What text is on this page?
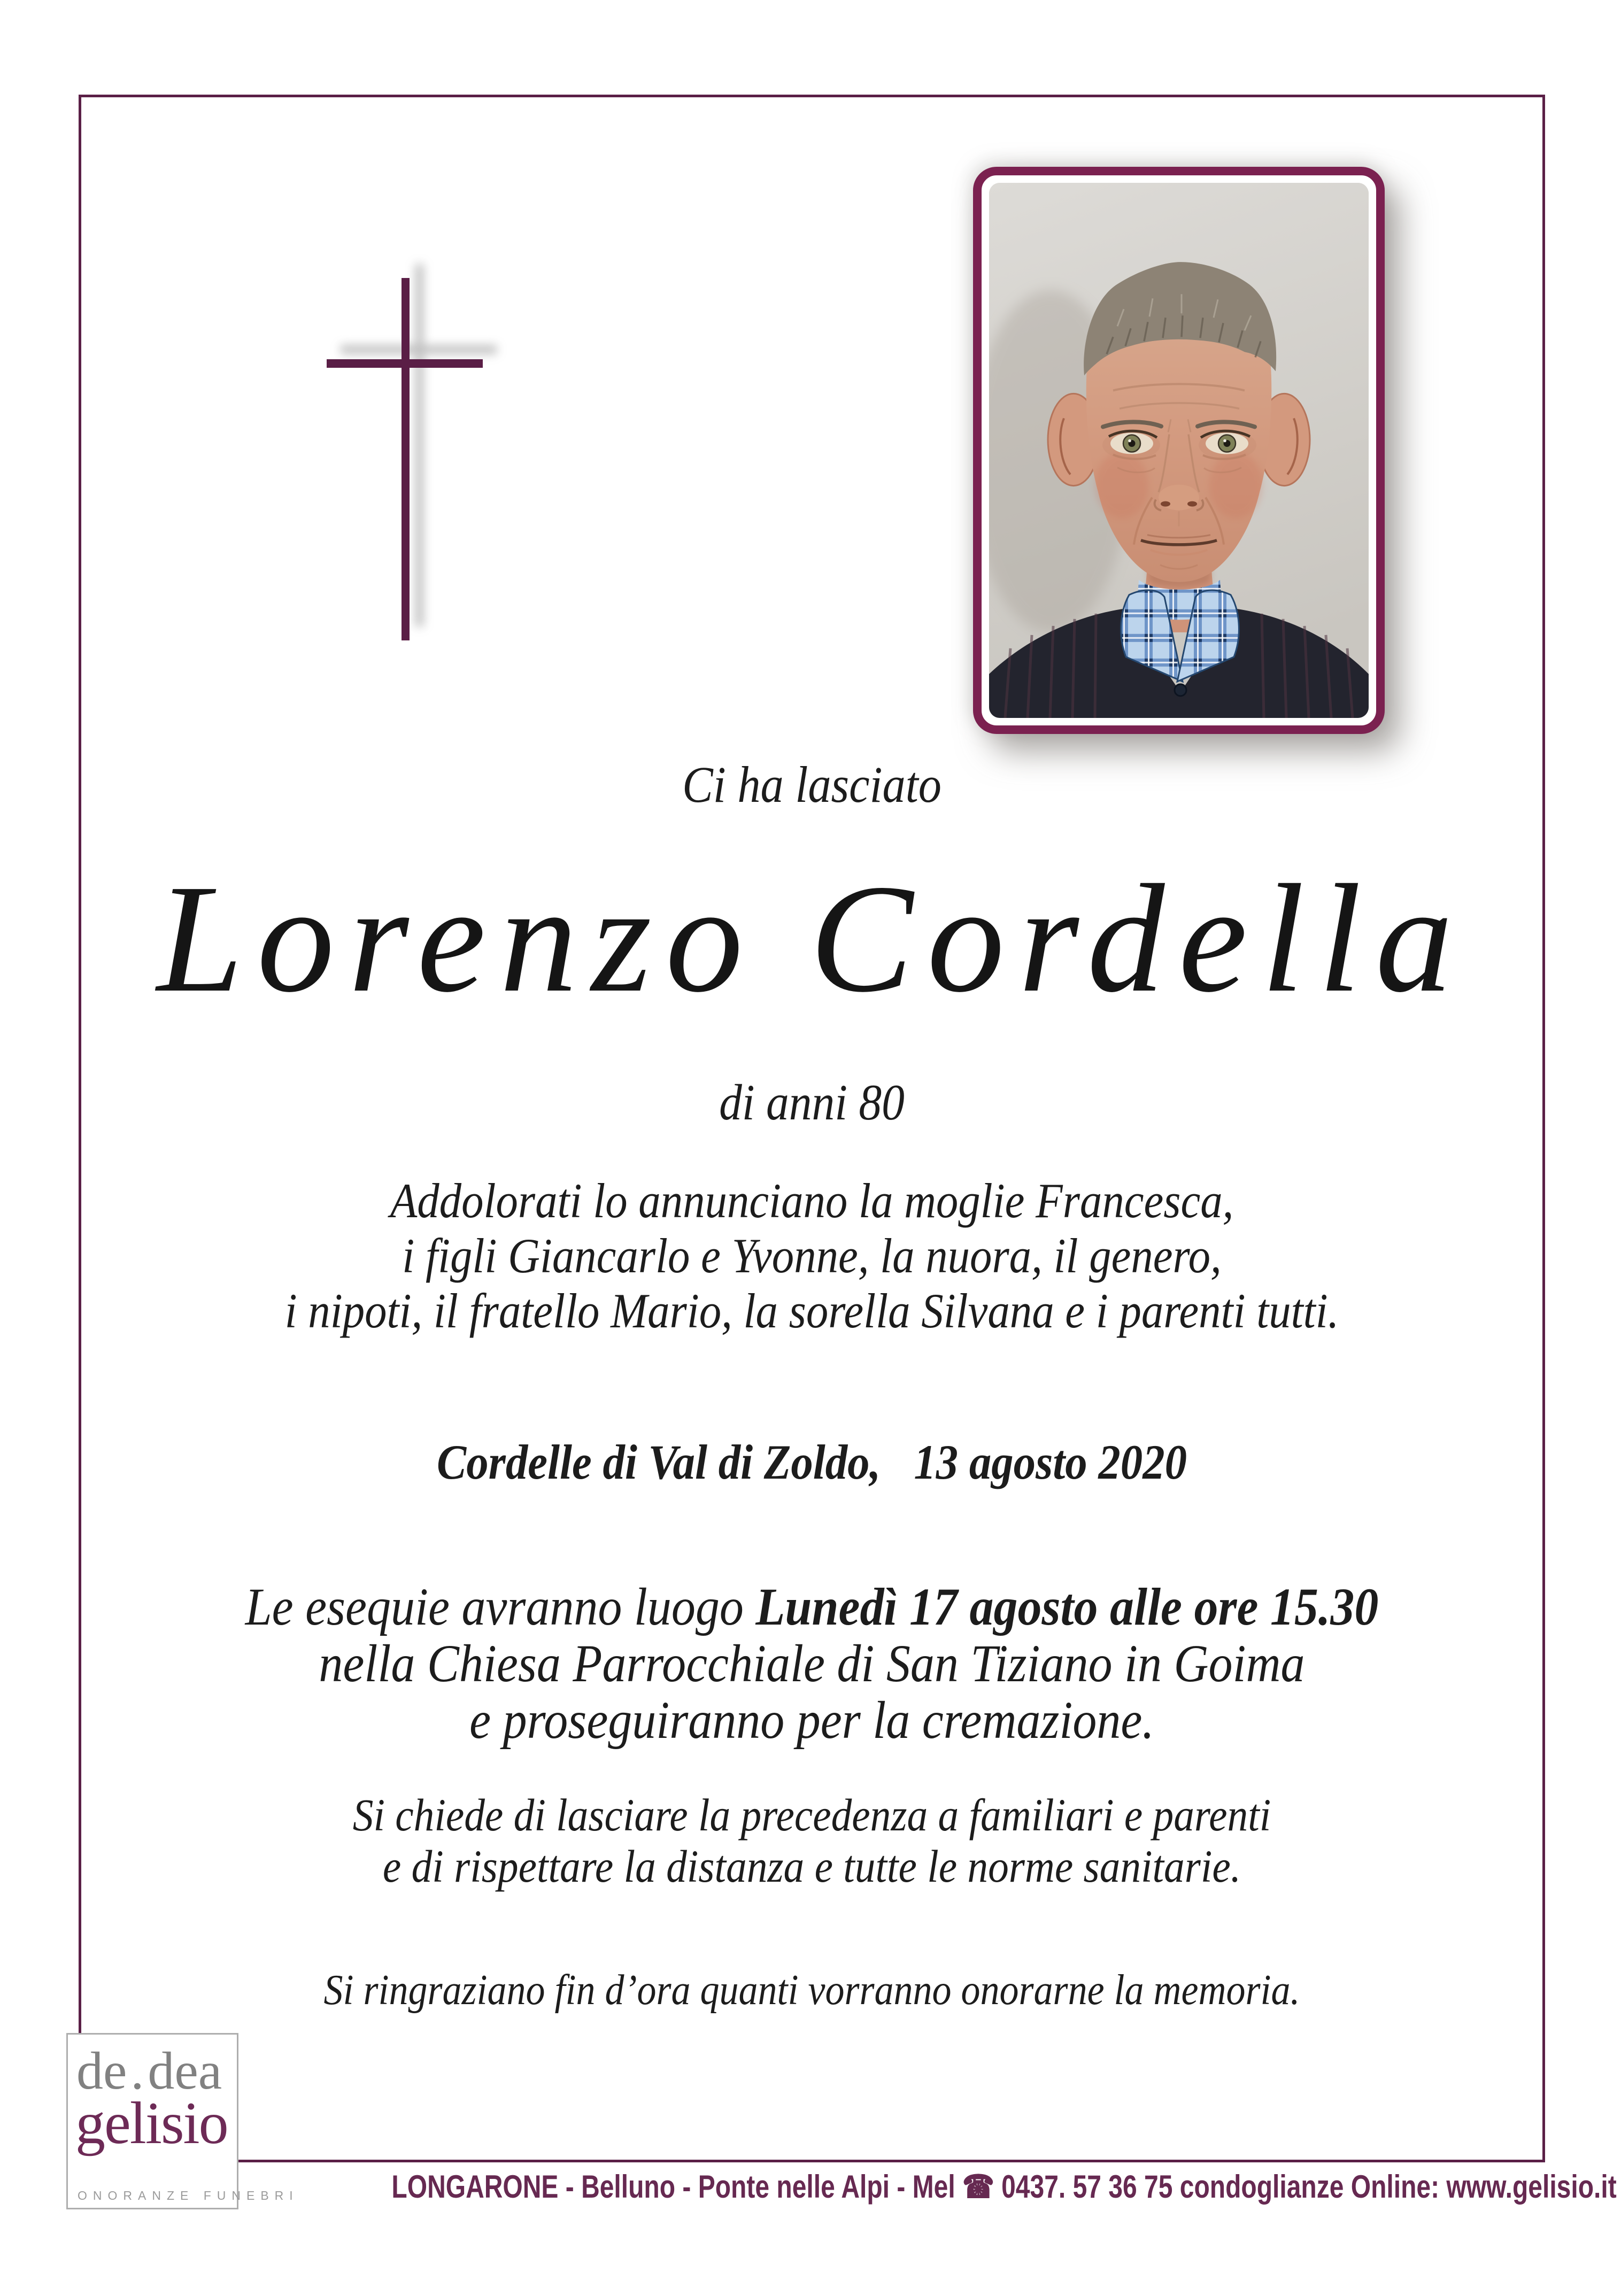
Ci ha lasciato
Lorenzo Cordella
di anni 80
Addolorati lo annunciano la moglie Francesca,
i figli Giancarlo e Yvonne, la nuora, il genero,
i nipoti, il fratello Mario, la sorella Silvana e i parenti tutti.
Cordelle di Val di Zoldo,   13 agosto 2020
Le esequie avranno luogo Lunedì 17 agosto alle ore 15.30
nella Chiesa Parrocchiale di San Tiziano in Goima
e proseguiranno per la cremazione.
Si chiede di lasciare la precedenza a familiari e parenti
e di rispettare la distanza e tutte le norme sanitarie.
Si ringraziano fin d’ora quanti vorranno onorarne la memoria.
de.dea
gelisio
ONORANZE FUNEBRI	LONGARONE - Belluno - Ponte nelle Alpi - Mel ☎ 0437. 57 36 75 condoglianze Online: www.gelisio.it
